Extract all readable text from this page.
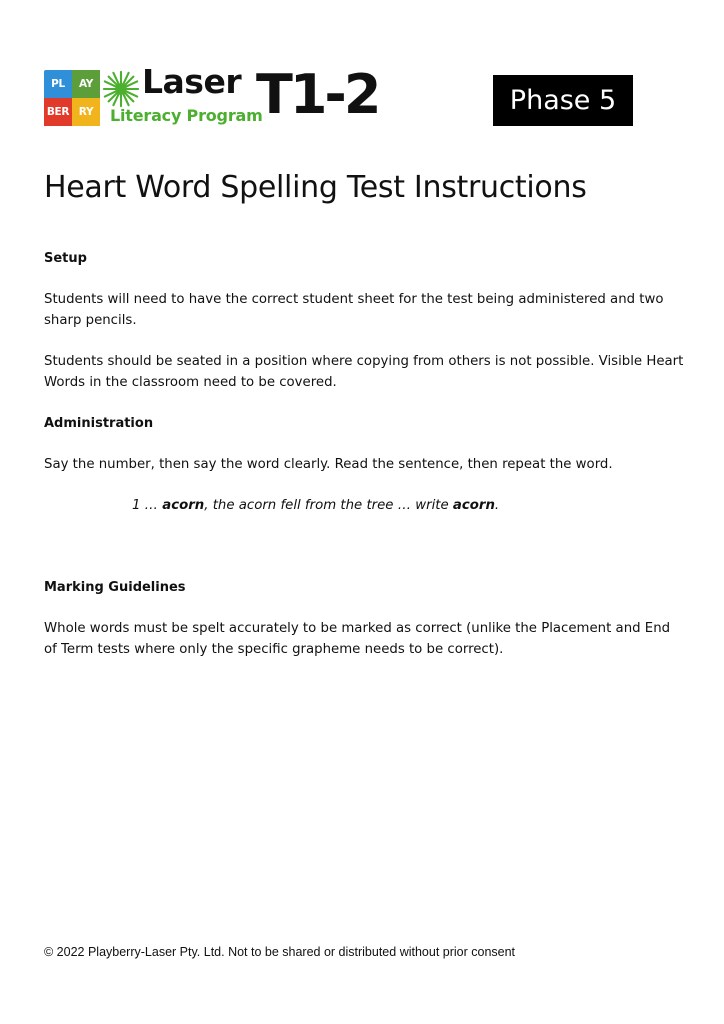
PL	AY
BER RY
Laser
Literacy Program
T1-2	Phase 5
Heart Word Spelling Test Instructions

Setup

Students will need to have the correct student sheet for the test being administered and two sharp pencils.

Students should be seated in a position where copying from others is not possible. Visible Heart Words in the classroom need to be covered.

Administration

Say the number, then say the word clearly. Read the sentence, then repeat the word.

1 … acorn, the acorn fell from the tree … write acorn.

Marking Guidelines

Whole words must be spelt accurately to be marked as correct (unlike the Placement and End of Term tests where only the specific grapheme needs to be correct).

© 2022 Playberry-Laser Pty. Ltd. Not to be shared or distributed without prior consent
